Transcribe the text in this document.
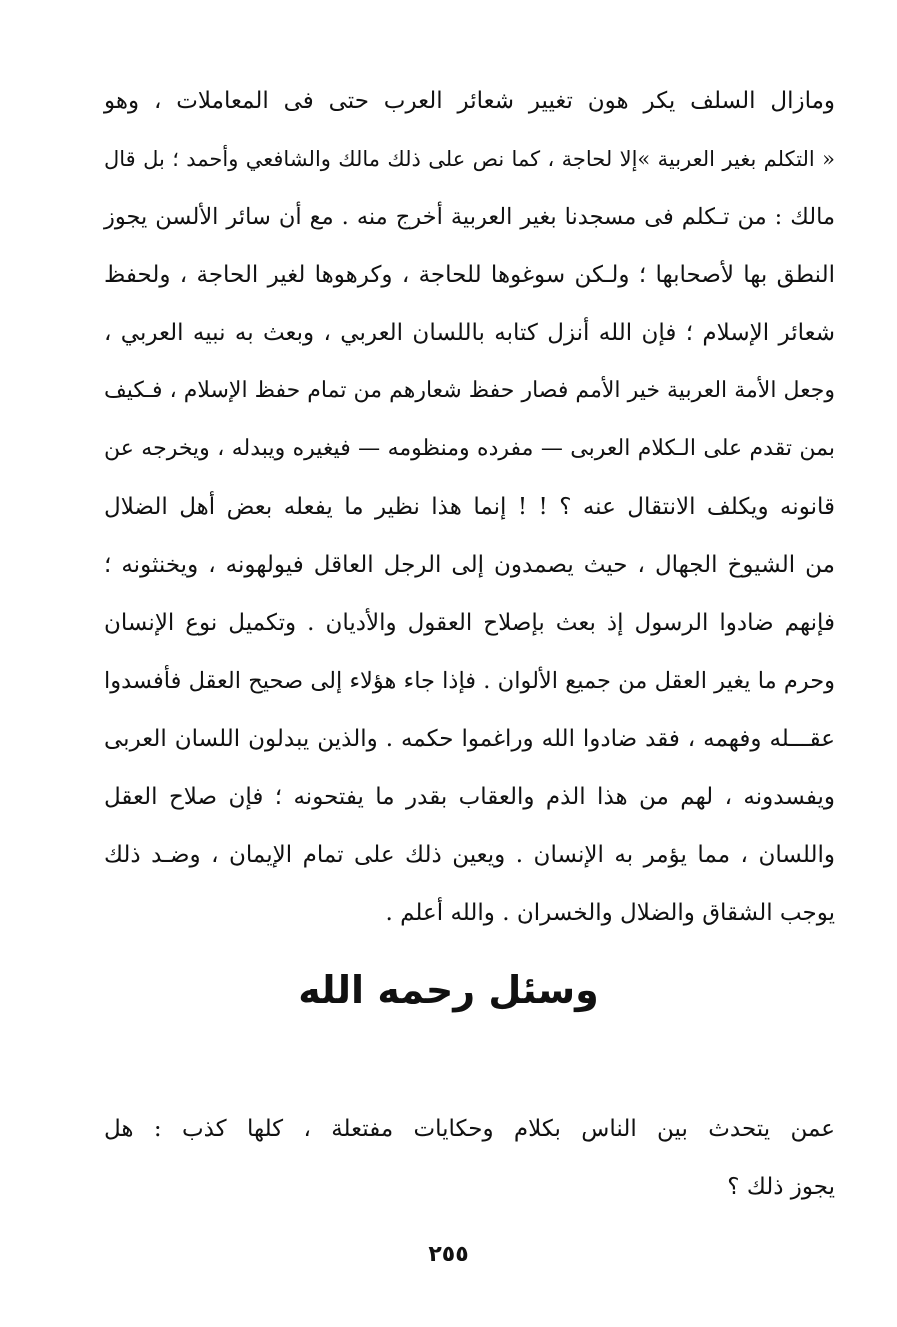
ومازال السلف يكر هون تغيير شعائر العرب حتى فى المعاملات ، وهو
« التكلم بغير العربية »إلا لحاجة ، كما نص على ذلك مالك والشافعي وأحمد ؛ بل قال
مالك : من تـكلم فى مسجدنا بغير العربية أخرج منه . مع أن سائر الألسن يجوز
النطق بها لأصحابها ؛ ولـكن سوغوها للحاجة ، وكرهوها لغير الحاجة ، ولحفظ
شعائر الإسلام ؛ فإن الله أنزل كتابه باللسان العربي ، وبعث به نبيه العربي ،
وجعل الأمة العربية خير الأمم فصار حفظ شعارهم من تمام حفظ الإسلام ، فـكيف
بمن تقدم على الـكلام العربى — مفرده ومنظومه — فيغيره ويبدله ، ويخرجه عن
قانونه ويكلف الانتقال عنه ؟ ! ! إنما هذا نظير ما يفعله بعض أهل الضلال
من الشيوخ الجهال ، حيث يصمدون إلى الرجل العاقل فيولهونه ، ويخنثونه ؛
فإنهم ضادوا الرسول إذ بعث بإصلاح العقول والأديان . وتكميل نوع الإنسان
وحرم ما يغير العقل من جميع الألوان . فإذا جاء هؤلاء إلى صحيح العقل فأفسدوا
عقـــله وفهمه ، فقد ضادوا الله وراغموا حكمه . والذين يبدلون اللسان العربى
ويفسدونه ، لهم من هذا الذم والعقاب بقدر ما يفتحونه ؛ فإن صلاح العقل
واللسان ، مما يؤمر به الإنسان . ويعين ذلك على تمام الإيمان ، وضـد ذلك
يوجب الشقاق والضلال والخسران . والله أعلم .
وسئل رحمه الله
عمن يتحدث بين الناس بكلام وحكايات مفتعلة ، كلها كذب : هل
يجوز ذلك ؟
٢٥٥
